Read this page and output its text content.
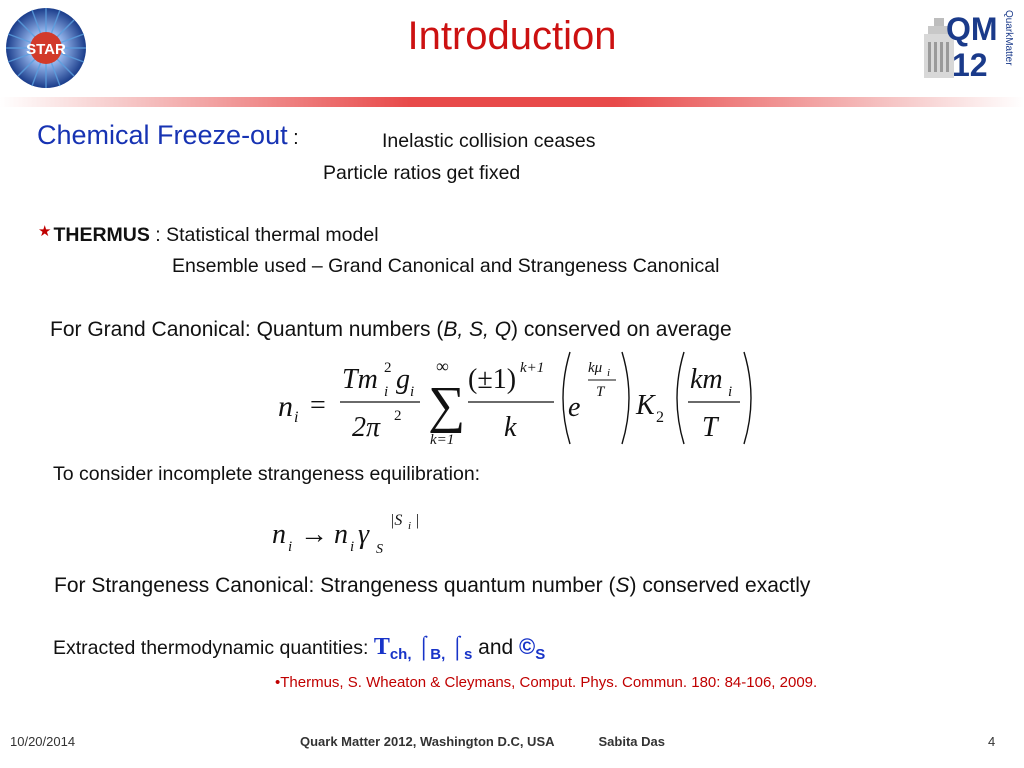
STAR
QM
12 QuarkMatter
Introduction
Chemical Freeze-out :	Inelastic collision ceases
Particle ratios get fixed
★ THERMUS : Statistical thermal model
Ensemble used – Grand Canonical and Strangeness Canonical
For Grand Canonical: Quantum numbers (B, S, Q) conserved on average
n i =
Tm i
2 g i
2π 2
∞
∑
k=1
(±1) k+1
k
e
kμ i
T K 2
km i
T
To consider incomplete strangeness equilibration:
n i → n i γ S
|S i |
For Strangeness Canonical: Strangeness quantum number (S) conserved exactly
Extracted thermodynamic quantities: $T_{ch,}$ $⌠_{B,}$ $⌠_s$ and $©_S$
•Thermus, S. Wheaton & Cleymans, Comput. Phys. Commun. 180: 84-106, 2009.
10/20/2014	Quark Matter 2012, Washington D.C, USA	Sabita Das	4
